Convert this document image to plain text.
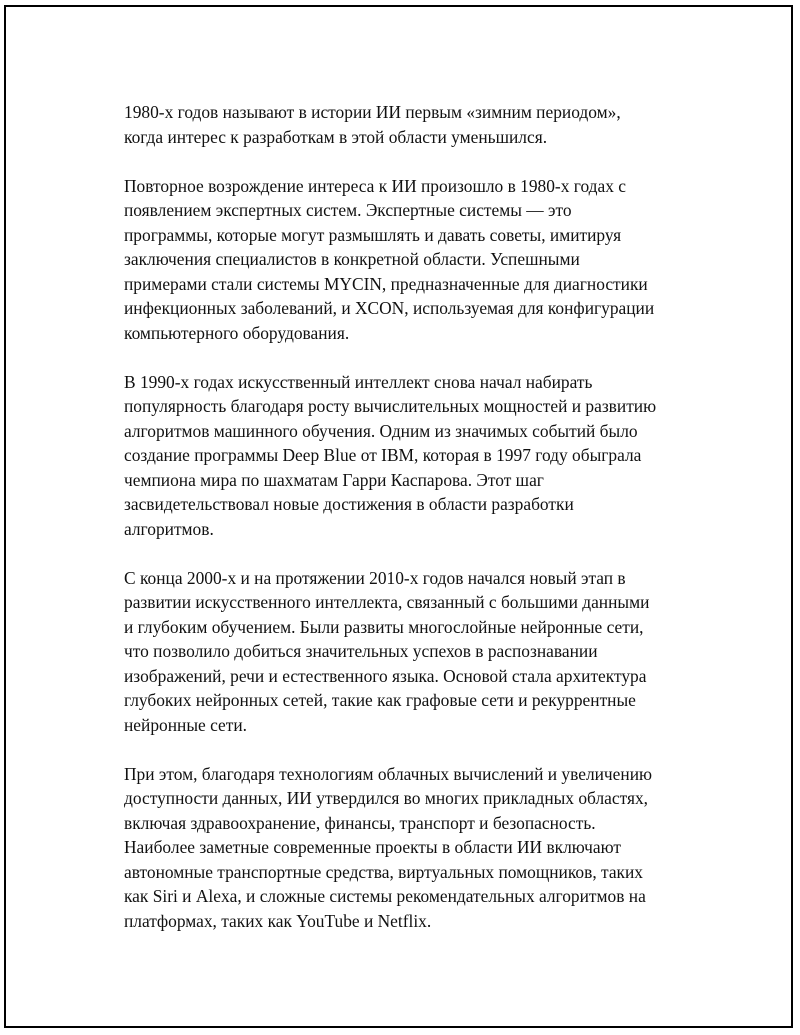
1980-х годов называют в истории ИИ первым «зимним периодом»,
когда интерес к разработкам в этой области уменьшился.

Повторное возрождение интереса к ИИ произошло в 1980-х годах с
появлением экспертных систем. Экспертные системы — это
программы, которые могут размышлять и давать советы, имитируя
заключения специалистов в конкретной области. Успешными
примерами стали системы MYCIN, предназначенные для диагностики
инфекционных заболеваний, и XCON, используемая для конфигурации
компьютерного оборудования.

В 1990-х годах искусственный интеллект снова начал набирать
популярность благодаря росту вычислительных мощностей и развитию
алгоритмов машинного обучения. Одним из значимых событий было
создание программы Deep Blue от IBM, которая в 1997 году обыграла
чемпиона мира по шахматам Гарри Каспарова. Этот шаг
засвидетельствовал новые достижения в области разработки
алгоритмов.

С конца 2000-х и на протяжении 2010-х годов начался новый этап в
развитии искусственного интеллекта, связанный с большими данными
и глубоким обучением. Были развиты многослойные нейронные сети,
что позволило добиться значительных успехов в распознавании
изображений, речи и естественного языка. Основой стала архитектура
глубоких нейронных сетей, такие как графовые сети и рекуррентные
нейронные сети.

При этом, благодаря технологиям облачных вычислений и увеличению
доступности данных, ИИ утвердился во многих прикладных областях,
включая здравоохранение, финансы, транспорт и безопасность.
Наиболее заметные современные проекты в области ИИ включают
автономные транспортные средства, виртуальных помощников, таких
как Siri и Alexa, и сложные системы рекомендательных алгоритмов на
платформах, таких как YouTube и Netflix.
